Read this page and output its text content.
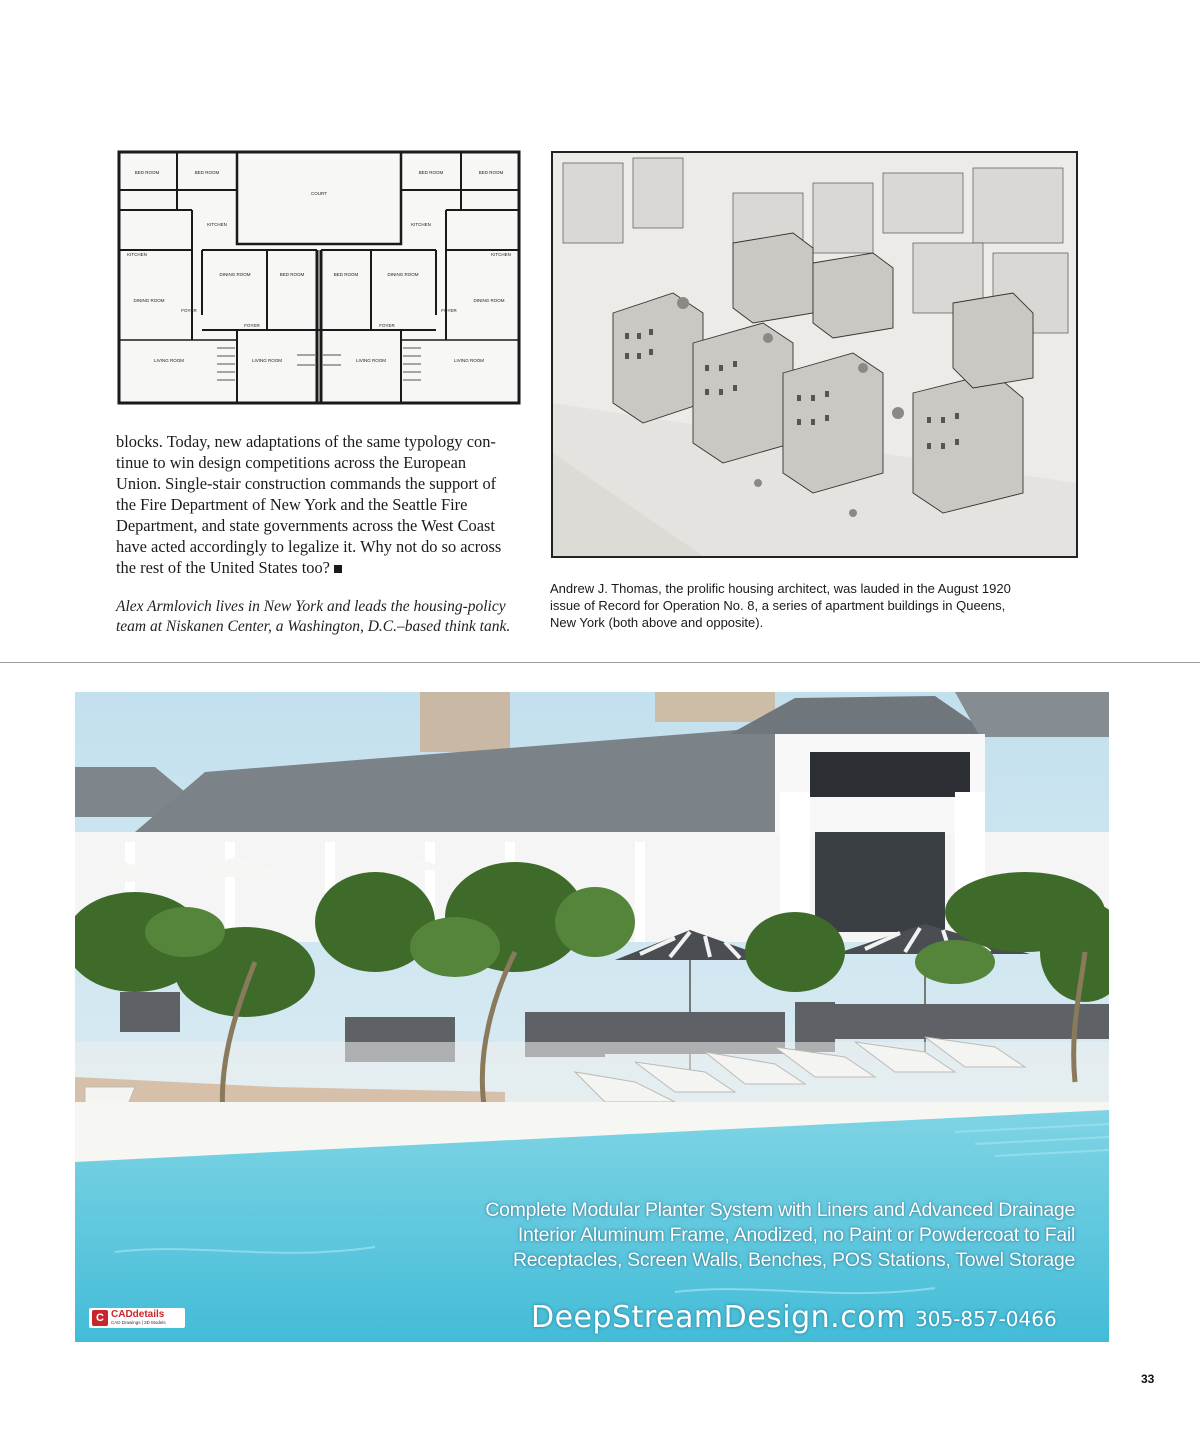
COURT
BED ROOM	BED ROOM	BED ROOM	BED ROOM
KITCHEN	KITCHEN
KITCHEN	KITCHEN
DINING ROOM	DINING ROOM
DINING ROOM	DINING ROOM
BED ROOM	BED ROOM
LIVING ROOM	LIVING ROOM	LIVING ROOM	LIVING ROOM
FOYER
FOYER	FOYER
FOYER
blocks. Today, new adaptations of the same typology con-
tinue to win design competitions across the European
Union. Single-stair construction commands the support of
the Fire Department of New York and the Seattle Fire
Department, and state governments across the West Coast
have acted accordingly to legalize it. Why not do so across
the rest of the United States too?
Alex Armlovich lives in New York and leads the housing-policy
team at Niskanen Center, a Washington, D.C.–based think tank.
Andrew J. Thomas, the prolific housing architect, was lauded in the August 1920
issue of Record for Operation No. 8, a series of apartment buildings in Queens,
New York (both above and opposite).
Complete Modular Planter System with Liners and Advanced Drainage
Interior Aluminum Frame, Anodized, no Paint or Powdercoat to Fail
Receptacles, Screen Walls, Benches, POS Stations, Towel Storage
DeepStreamDesign.com 305-857-0466
C CADdetails
CAD Drawings | 3D Models
33
